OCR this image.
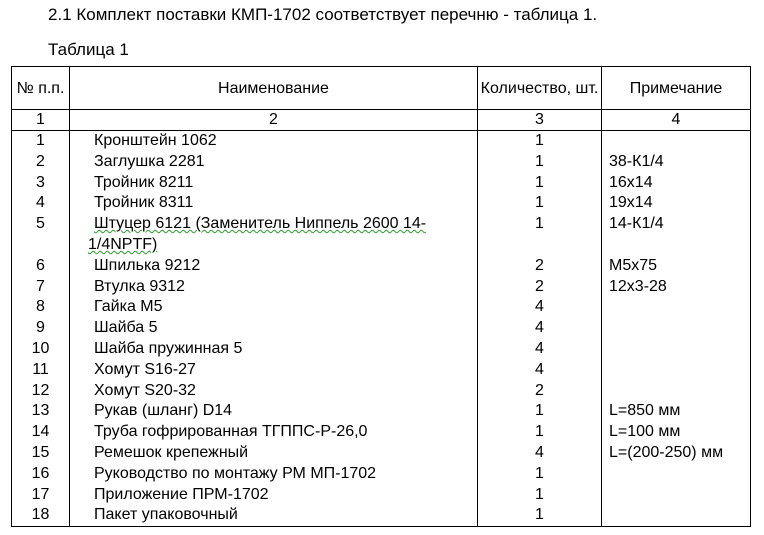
2.1 Комплект поставки КМП-1702 соответствует перечню - таблица 1.
Таблица 1
№ п.п.	Наименование	Количество, шт.	Примечание
1	2	3	4
1	Кронштейн 1062	1	
2	Заглушка 2281	1	38-К1/4
3	Тройник 8211	1	16х14
4	Тройник 8311	1	19х14
5	Штуцер 6121 (Заменитель Ниппель 2600 14-1/4NPTF)	1	14-К1/4
6	Шпилька 9212	2	М5х75
7	Втулка 9312	2	12х3-28
8	Гайка М5	4	
9	Шайба 5	4	
10	Шайба пружинная 5	4	
11	Хомут S16-27	4	
12	Хомут S20-32	2	
13	Рукав (шланг) D14	1	L=850 мм
14	Труба гофрированная ТГППС-Р-26,0	1	L=100 мм
15	Ремешок крепежный	4	L=(200-250) мм
16	Руководство по монтажу РМ МП-1702	1	
17	Приложение ПРМ-1702	1	
18	Пакет упаковочный	1	
